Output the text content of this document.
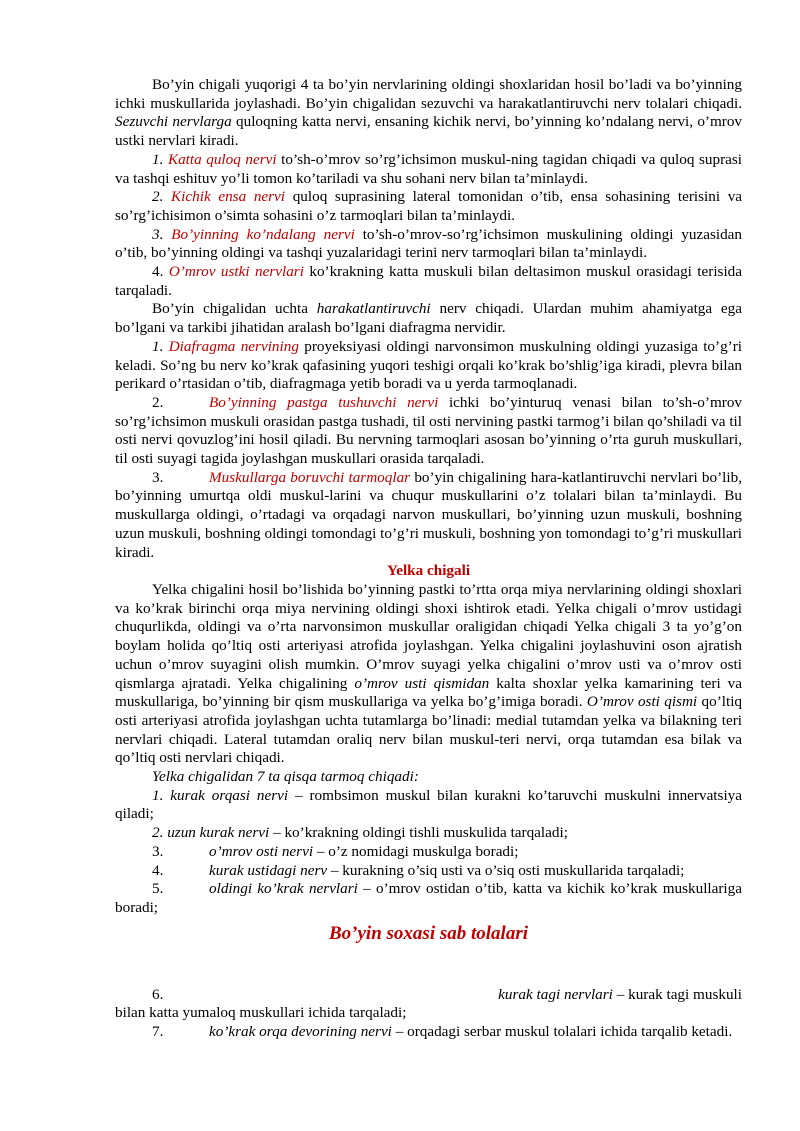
Bo’yin chigali yuqorigi 4 ta bo’yin nervlarining oldingi shoxlaridan hosil bo’ladi va bo’yinning ichki muskullarida joylashadi. Bo’yin chigalidan sezuvchi va harakatlantiruvchi nerv tolalari chiqadi. Sezuvchi nervlarga quloqning katta nervi, ensaning kichik nervi, bo’yinning ko’ndalang nervi, o’mrov ustki nervlari kiradi.

1. Katta quloq nervi to’sh-o’mrov so’rg’ichsimon muskul-ning tagidan chiqadi va quloq suprasi va tashqi eshituv yo’li tomon ko’tariladi va shu sohani nerv bilan ta’minlaydi.

2. Kichik ensa nervi quloq suprasining lateral tomonidan o’tib, ensa sohasining terisini va so’rg’ichisimon o’simta sohasini o’z tarmoqlari bilan ta’minlaydi.

3. Bo’yinning ko’ndalang nervi to’sh-o’mrov-so’rg’ichsimon muskulining oldingi yuzasidan o’tib, bo’yinning oldingi va tashqi yuzalaridagi terini nerv tarmoqlari bilan ta’minlaydi.

4. O’mrov ustki nervlari ko’krakning katta muskuli bilan deltasimon muskul orasidagi terisida tarqaladi.

Bo’yin chigalidan uchta harakatlantiruvchi nerv chiqadi. Ulardan muhim ahamiyatga ega bo’lgani va tarkibi jihatidan aralash bo’lgani diafragma nervidir.

1. Diafragma nervining proyeksiyasi oldingi narvonsimon muskulning oldingi yuzasiga to’g’ri keladi. So’ng bu nerv ko’krak qafasining yuqori teshigi orqali ko’krak bo’shlig’iga kiradi, plevra bilan perikard o’rtasidan o’tib, diafragmaga yetib boradi va u yerda tarmoqlanadi.

2.	Bo’yinning pastga tushuvchi nervi ichki bo’yinturuq venasi bilan to’sh-o’mrov so’rg’ichsimon muskuli orasidan pastga tushadi, til osti nervining pastki tarmog’i bilan qo’shiladi va til osti nervi qovuzlog’ini hosil qiladi. Bu nervning tarmoqlari asosan bo’yinning o’rta guruh muskullari, til osti suyagi tagida joylashgan muskullari orasida tarqaladi.

3.	Muskullarga boruvchi tarmoqlar bo’yin chigalining hara-katlantiruvchi nervlari bo’lib, bo’yinning umurtqa oldi muskul-larini va chuqur muskullarini o’z tolalari bilan ta’minlaydi. Bu muskullarga oldingi, o’rtadagi va orqadagi narvon muskullari, bo’yinning uzun muskuli, boshning uzun muskuli, boshning oldingi tomondagi to’g’ri muskuli, boshning yon tomondagi to’g’ri muskullari kiradi.

Yelka chigali

Yelka chigalini hosil bo’lishida bo’yinning pastki to’rtta orqa miya nervlarining oldingi shoxlari va ko’krak birinchi orqa miya nervining oldingi shoxi ishtirok etadi. Yelka chigali o’mrov ustidagi chuqurlikda, oldingi va o’rta narvonsimon muskullar oraligidan chiqadi Yelka chigali 3 ta yo’g’on boylam holida qo’ltiq osti arteriyasi atrofida joylashgan. Yelka chigalini joylashuvini oson ajratish uchun o’mrov suyagini olish mumkin. O’mrov suyagi yelka chigalini o’mrov usti va o’mrov osti qismlarga ajratadi. Yelka chigalining o’mrov usti qismidan kalta shoxlar yelka kamarining teri va muskullariga, bo’yinning bir qism muskullariga va yelka bo’g’imiga boradi. O’mrov osti qismi qo’ltiq osti arteriyasi atrofida joylashgan uchta tutamlarga bo’linadi: medial tutamdan yelka va bilakning teri nervlari chiqadi. Lateral tutamdan oraliq nerv bilan muskul-teri nervi, orqa tutamdan esa bilak va qo’ltiq osti nervlari chiqadi.

Yelka chigalidan 7 ta qisqa tarmoq chiqadi:

1. kurak orqasi nervi – rombsimon muskul bilan kurakni ko’taruvchi muskulni innervatsiya qiladi;

2. uzun kurak nervi – ko’krakning oldingi tishli muskulida tarqaladi;

3.	o’mrov osti nervi – o’z nomidagi muskulga boradi;

4.	kurak ustidagi nerv – kurakning o’siq usti va o’siq osti muskullarida tarqaladi;

5.	oldingi ko’krak nervlari – o’mrov ostidan o’tib, katta va kichik ko’krak muskullariga boradi;

Bo’yin soxasi sab tolalari

6.	kurak tagi nervlari – kurak tagi muskuli

bilan katta yumaloq muskullari ichida tarqaladi;

7.	ko’krak orqa devorining nervi – orqadagi serbar muskul tolalari ichida tarqalib ketadi.
